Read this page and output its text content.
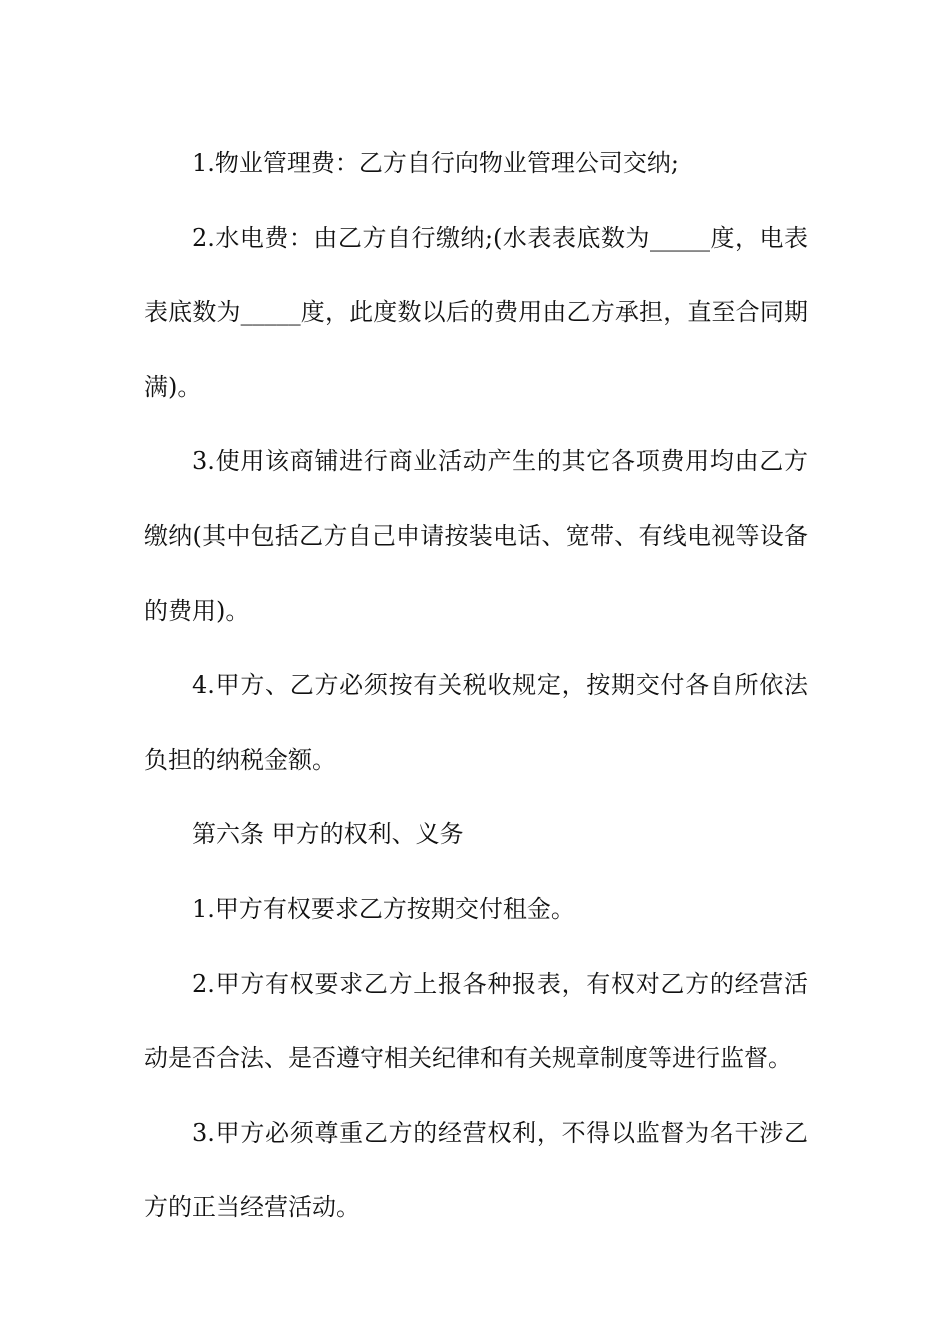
1.物业管理费：乙方自行向物业管理公司交纳;

2.水电费：由乙方自行缴纳;(水表表底数为_____度，电表表底数为_____度，此度数以后的费用由乙方承担，直至合同期满)。

3.使用该商铺进行商业活动产生的其它各项费用均由乙方缴纳(其中包括乙方自己申请按装电话、宽带、有线电视等设备的费用)。

4.甲方、乙方必须按有关税收规定，按期交付各自所依法负担的纳税金额。

第六条 甲方的权利、义务

1.甲方有权要求乙方按期交付租金。

2.甲方有权要求乙方上报各种报表，有权对乙方的经营活动是否合法、是否遵守相关纪律和有关规章制度等进行监督。

3.甲方必须尊重乙方的经营权利，不得以监督为名干涉乙方的正当经营活动。
